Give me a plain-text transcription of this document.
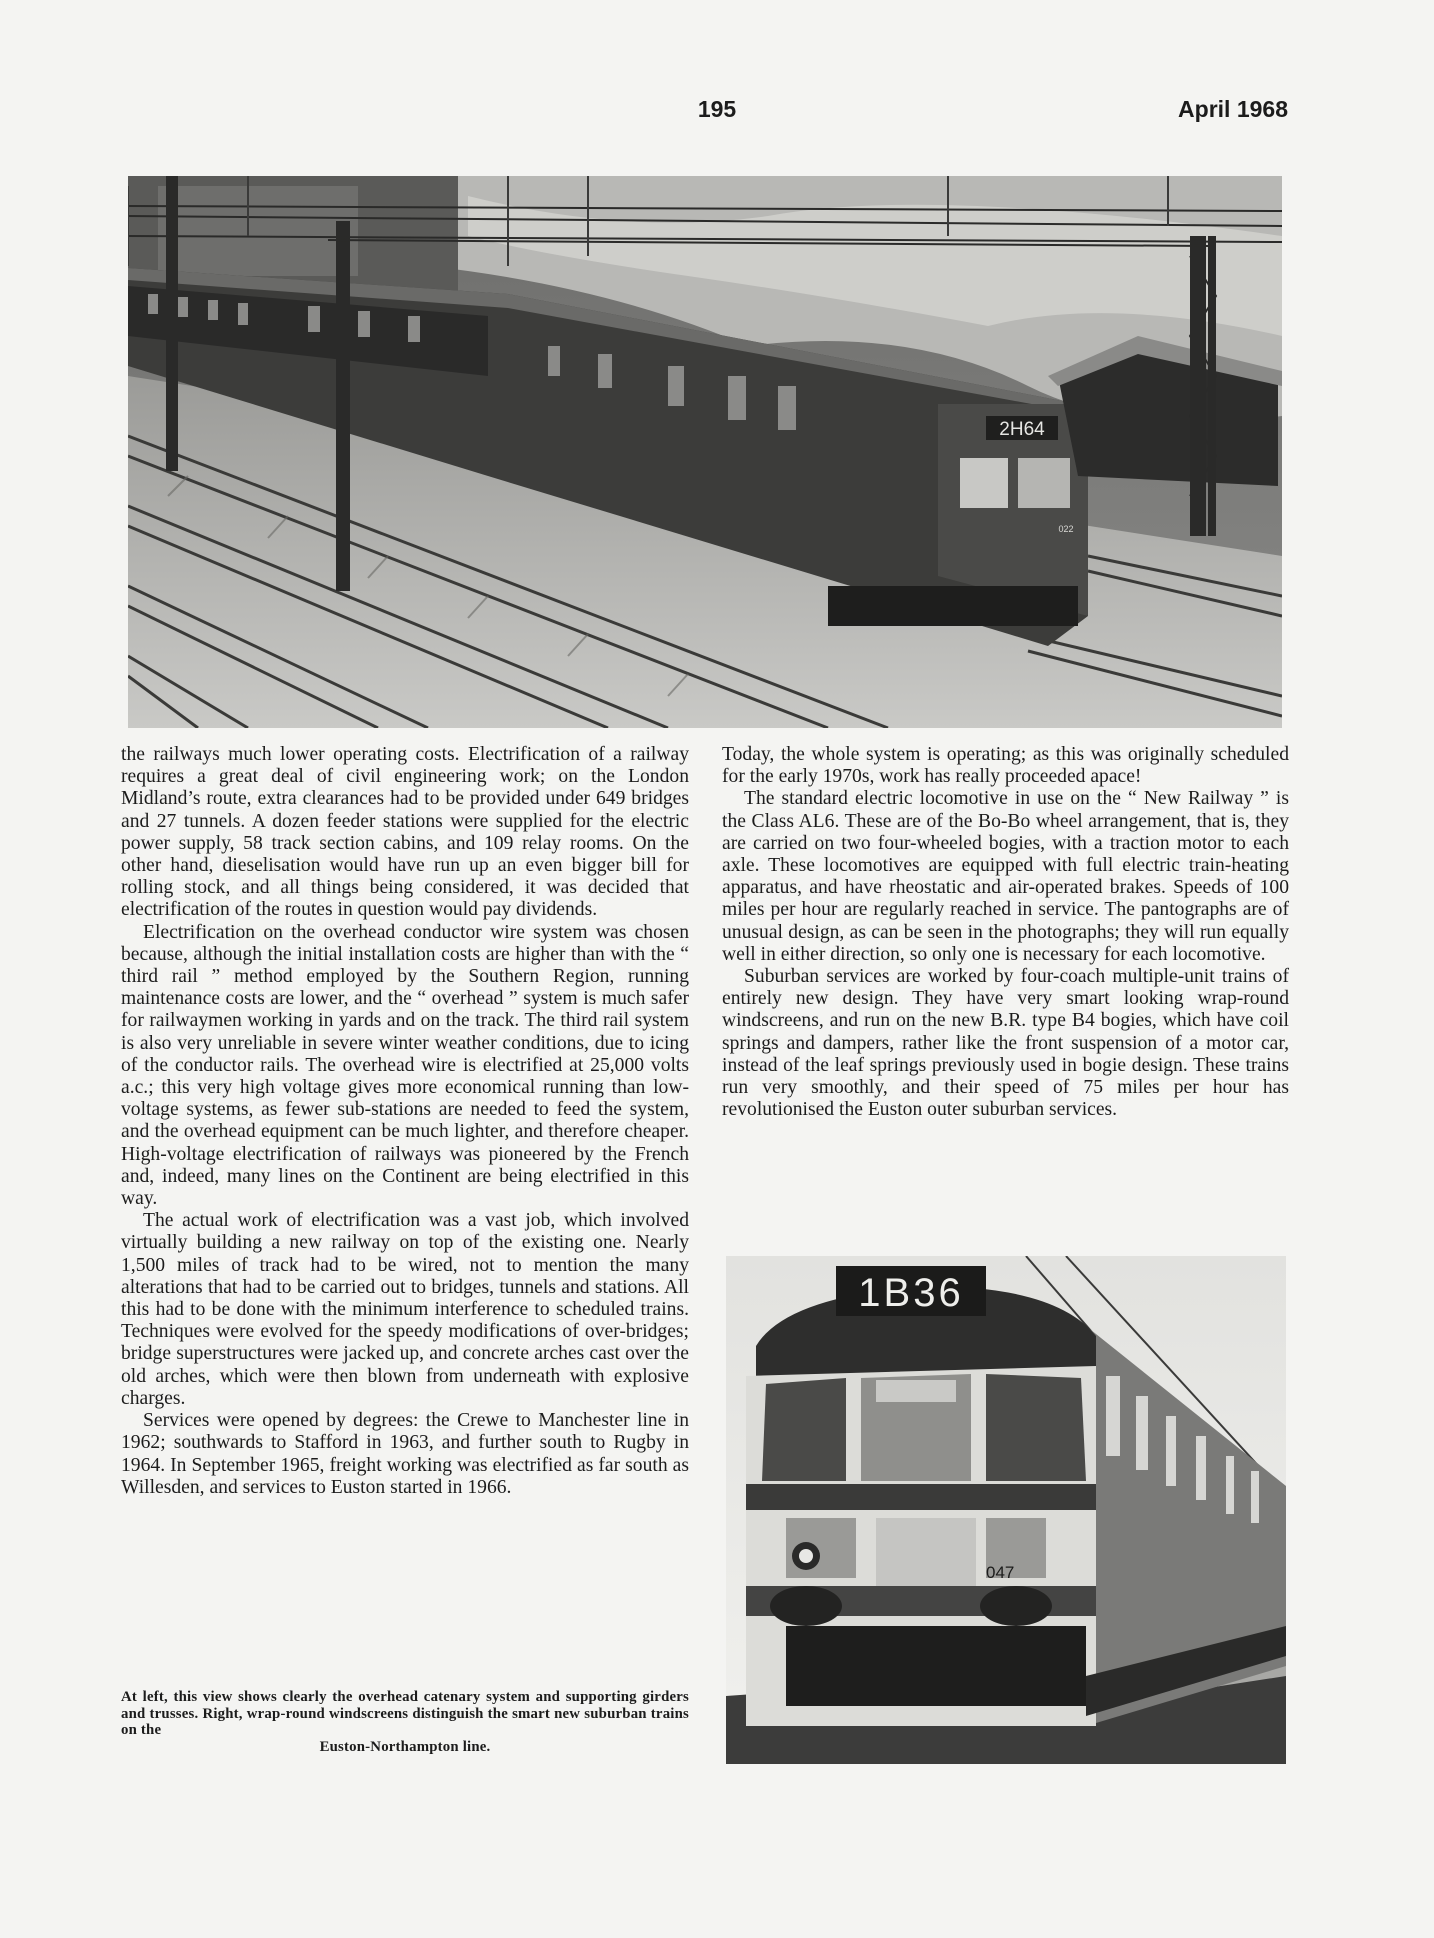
195	April 1968
2H64
022

the railways much lower operating costs. Electrification of a railway requires a great deal of civil engineering work; on the London Midland’s route, extra clearances had to be provided under 649 bridges and 27 tunnels. A dozen feeder stations were supplied for the electric power supply, 58 track section cabins, and 109 relay rooms. On the other hand, dieselisation would have run up an even bigger bill for rolling stock, and all things being considered, it was decided that electrification of the routes in question would pay dividends.

Electrification on the overhead conductor wire system was chosen because, although the initial installation costs are higher than with the “ third rail ” method employed by the Southern Region, running maintenance costs are lower, and the “ overhead ” system is much safer for railwaymen working in yards and on the track. The third rail system is also very unreliable in severe winter weather conditions, due to icing of the conductor rails. The overhead wire is electrified at 25,000 volts a.c.; this very high voltage gives more economical running than low-voltage systems, as fewer sub-stations are needed to feed the system, and the overhead equipment can be much lighter, and therefore cheaper. High-voltage electrification of railways was pioneered by the French and, indeed, many lines on the Continent are being electrified in this way.

The actual work of electrification was a vast job, which involved virtually building a new railway on top of the existing one. Nearly 1,500 miles of track had to be wired, not to mention the many alterations that had to be carried out to bridges, tunnels and stations. All this had to be done with the minimum interference to scheduled trains. Techniques were evolved for the speedy modifications of over-bridges; bridge superstructures were jacked up, and concrete arches cast over the old arches, which were then blown from underneath with explosive charges.

Services were opened by degrees: the Crewe to Manchester line in 1962; southwards to Stafford in 1963, and further south to Rugby in 1964. In September 1965, freight working was electrified as far south as Willesden, and services to Euston started in 1966.

At left, this view shows clearly the overhead catenary system and supporting girders and trusses. Right, wrap-round windscreens distinguish the smart new suburban trains on the
Euston-Northampton line.

Today, the whole system is operating; as this was originally scheduled for the early 1970s, work has really proceeded apace!

The standard electric locomotive in use on the “ New Railway ” is the Class AL6. These are of the Bo-Bo wheel arrangement, that is, they are carried on two four-wheeled bogies, with a traction motor to each axle. These locomotives are equipped with full electric train-heating apparatus, and have rheostatic and air-operated brakes. Speeds of 100 miles per hour are regularly reached in service. The pantographs are of unusual design, as can be seen in the photographs; they will run equally well in either direction, so only one is necessary for each locomotive.

Suburban services are worked by four-coach multiple-unit trains of entirely new design. They have very smart looking wrap-round windscreens, and run on the new B.R. type B4 bogies, which have coil springs and dampers, rather like the front suspension of a motor car, instead of the leaf springs previously used in bogie design. These trains run very smoothly, and their speed of 75 miles per hour has revolutionised the Euston outer suburban services.

1B36
047
